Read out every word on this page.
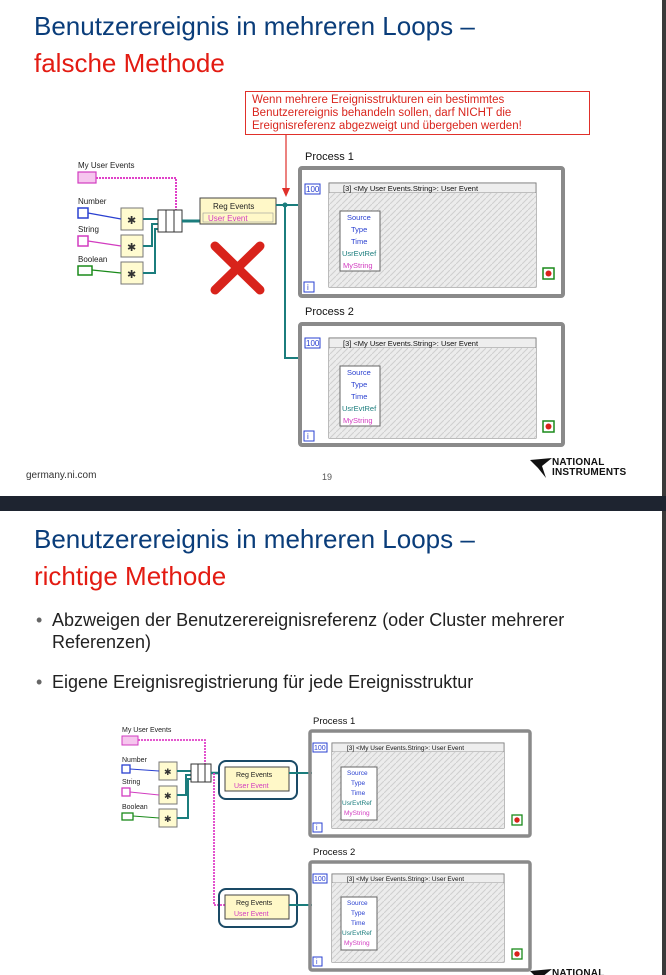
Benutzerereignis in mehreren Loops –
falsche Methode
Wenn mehrere Ereignisstrukturen ein bestimmtes Benutzerereignis behandeln sollen, darf NICHT die Ereignisreferenz abgezweigt und übergeben werden!
My User Events
Number
String
Boolean
✱
✱
✱
Reg Events
User Event
Process 1
100	[3] <My User Events.String>: User Event
Source
Type
Time
UsrEvtRef
MyString
i
Process 2
100	[3] <My User Events.String>: User Event
Source
Type
Time
UsrEvtRef
MyString
i
germany.ni.com	19
NATIONAL
INSTRUMENTS
Benutzerereignis in mehreren Loops –
richtige Methode
• Abzweigen der Benutzerereignisreferenz (oder Cluster mehrerer Referenzen)
• Eigene Ereignisregistrierung für jede Ereignisstruktur
My User Events
Number
String
Boolean
✱
✱
✱
Reg Events
User Event
Reg Events
User Event
Process 1
100	[3] <My User Events.String>: User Event
Source
Type
Time
UsrEvtRef
MyString
i
Process 2
100	[3] <My User Events.String>: User Event
Source
Type
Time
UsrEvtRef
MyString
i
NATIONAL
